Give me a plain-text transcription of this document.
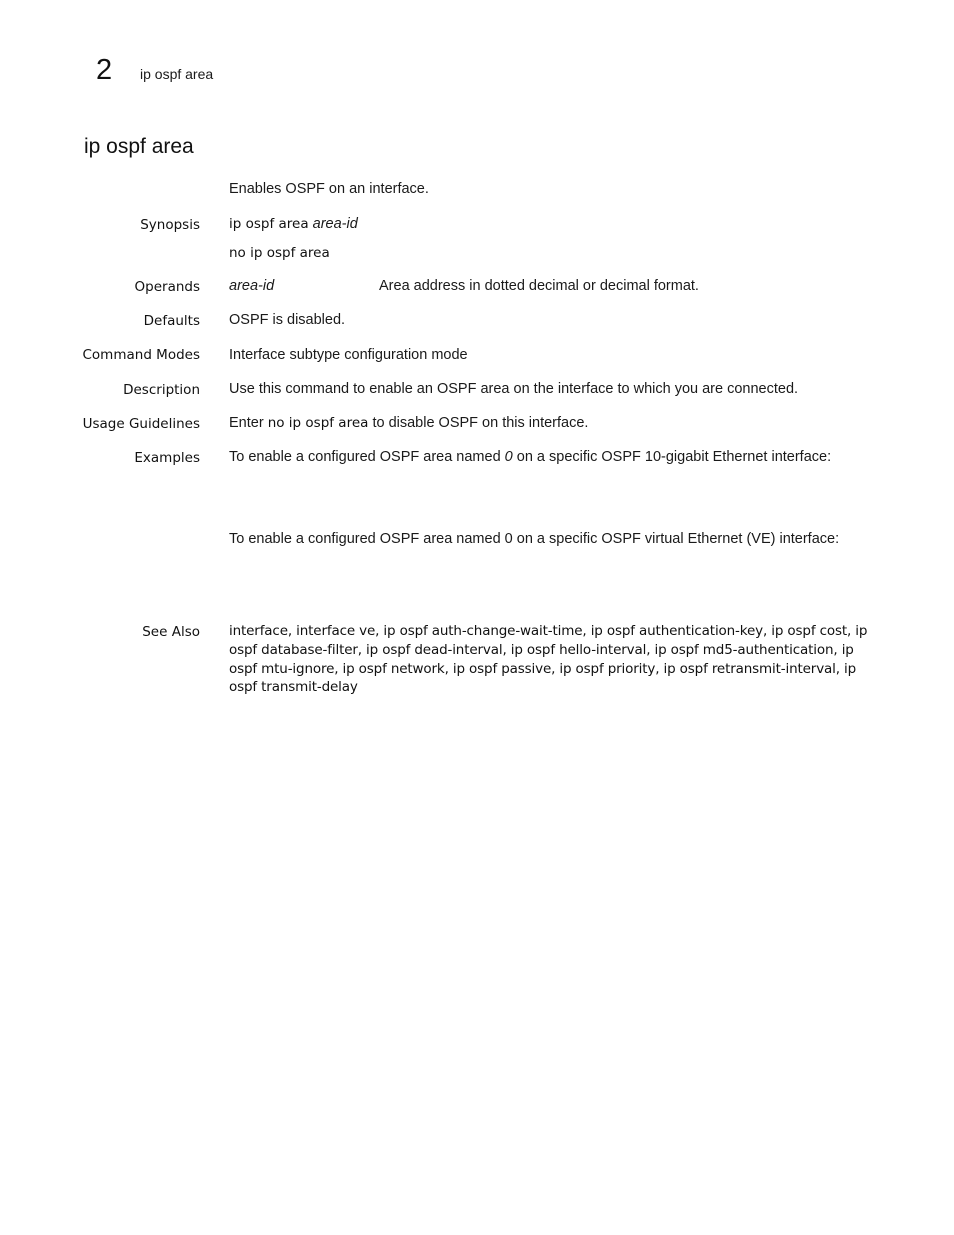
2 ip ospf area
ip ospf area
Enables OSPF on an interface.
Synopsis ip ospf area area-id
no ip ospf area
Operands area-id	Area address in dotted decimal or decimal format.
Defaults OSPF is disabled.
Command Modes Interface subtype configuration mode
Description Use this command to enable an OSPF area on the interface to which you are connected.
Usage Guidelines Enter no ip ospf area to disable OSPF on this interface.
Examples To enable a configured OSPF area named 0 on a specific OSPF 10-gigabit Ethernet interface:
To enable a configured OSPF area named 0 on a specific OSPF virtual Ethernet (VE) interface:
See Also interface, interface ve, ip ospf auth-change-wait-time, ip ospf authentication-key, ip ospf cost, ip ospf database-filter, ip ospf dead-interval, ip ospf hello-interval, ip ospf md5-authentication, ip ospf mtu-ignore, ip ospf network, ip ospf passive, ip ospf priority, ip ospf retransmit-interval, ip ospf transmit-delay
